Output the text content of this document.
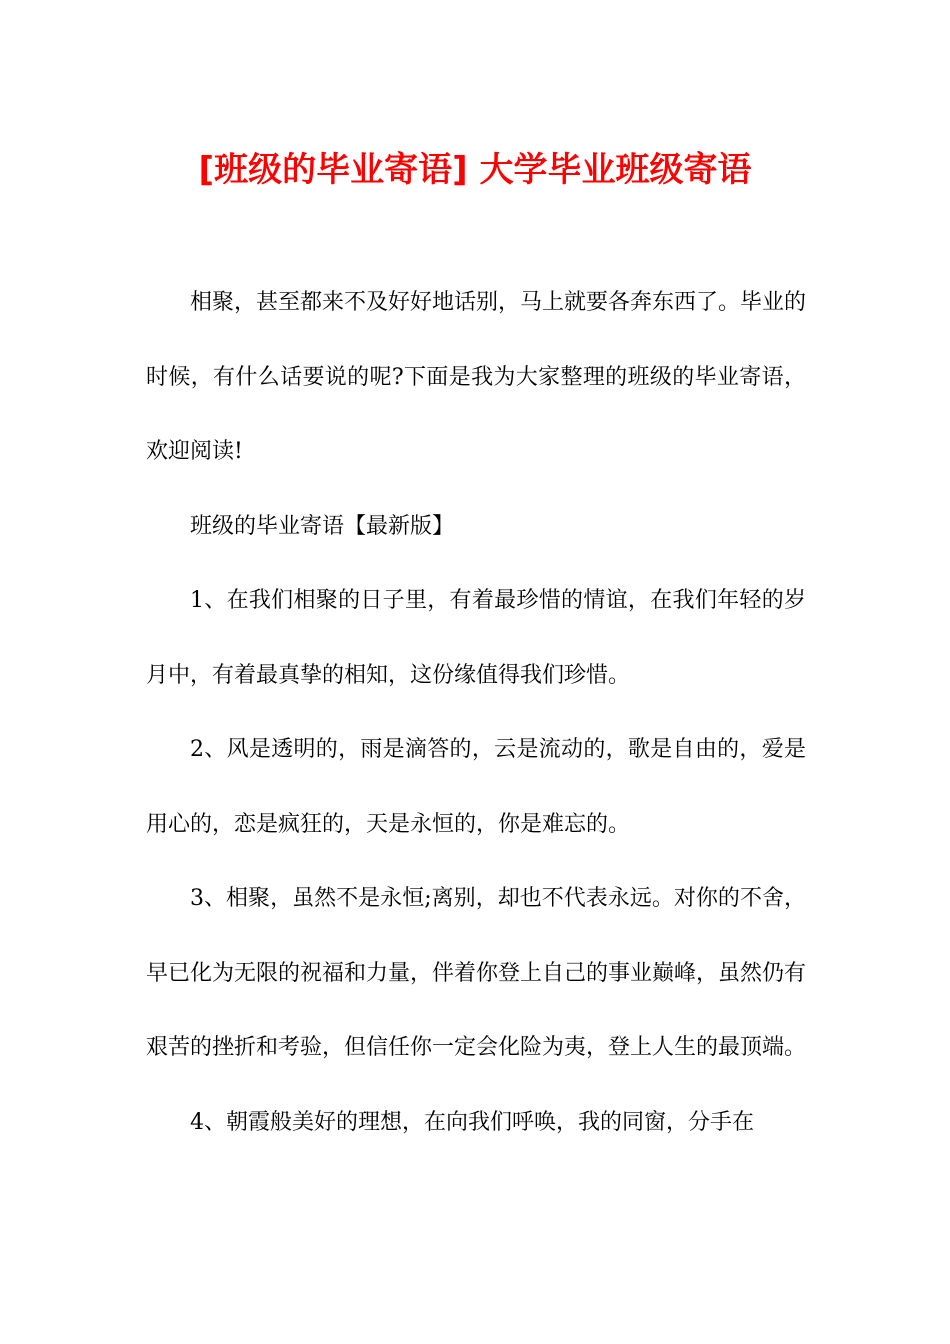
[班级的毕业寄语] 大学毕业班级寄语

相聚，甚至都来不及好好地话别，马上就要各奔东西了。毕业的时候，有什么话要说的呢?下面是我为大家整理的班级的毕业寄语，欢迎阅读!

班级的毕业寄语【最新版】

1、在我们相聚的日子里，有着最珍惜的情谊，在我们年轻的岁月中，有着最真挚的相知，这份缘值得我们珍惜。

2、风是透明的，雨是滴答的，云是流动的，歌是自由的，爱是用心的，恋是疯狂的，天是永恒的，你是难忘的。

3、相聚，虽然不是永恒;离别，却也不代表永远。对你的不舍，早已化为无限的祝福和力量，伴着你登上自己的事业巅峰，虽然仍有艰苦的挫折和考验，但信任你一定会化险为夷，登上人生的最顶端。

4、朝霞般美好的理想，在向我们呼唤，我的同窗，分手在
